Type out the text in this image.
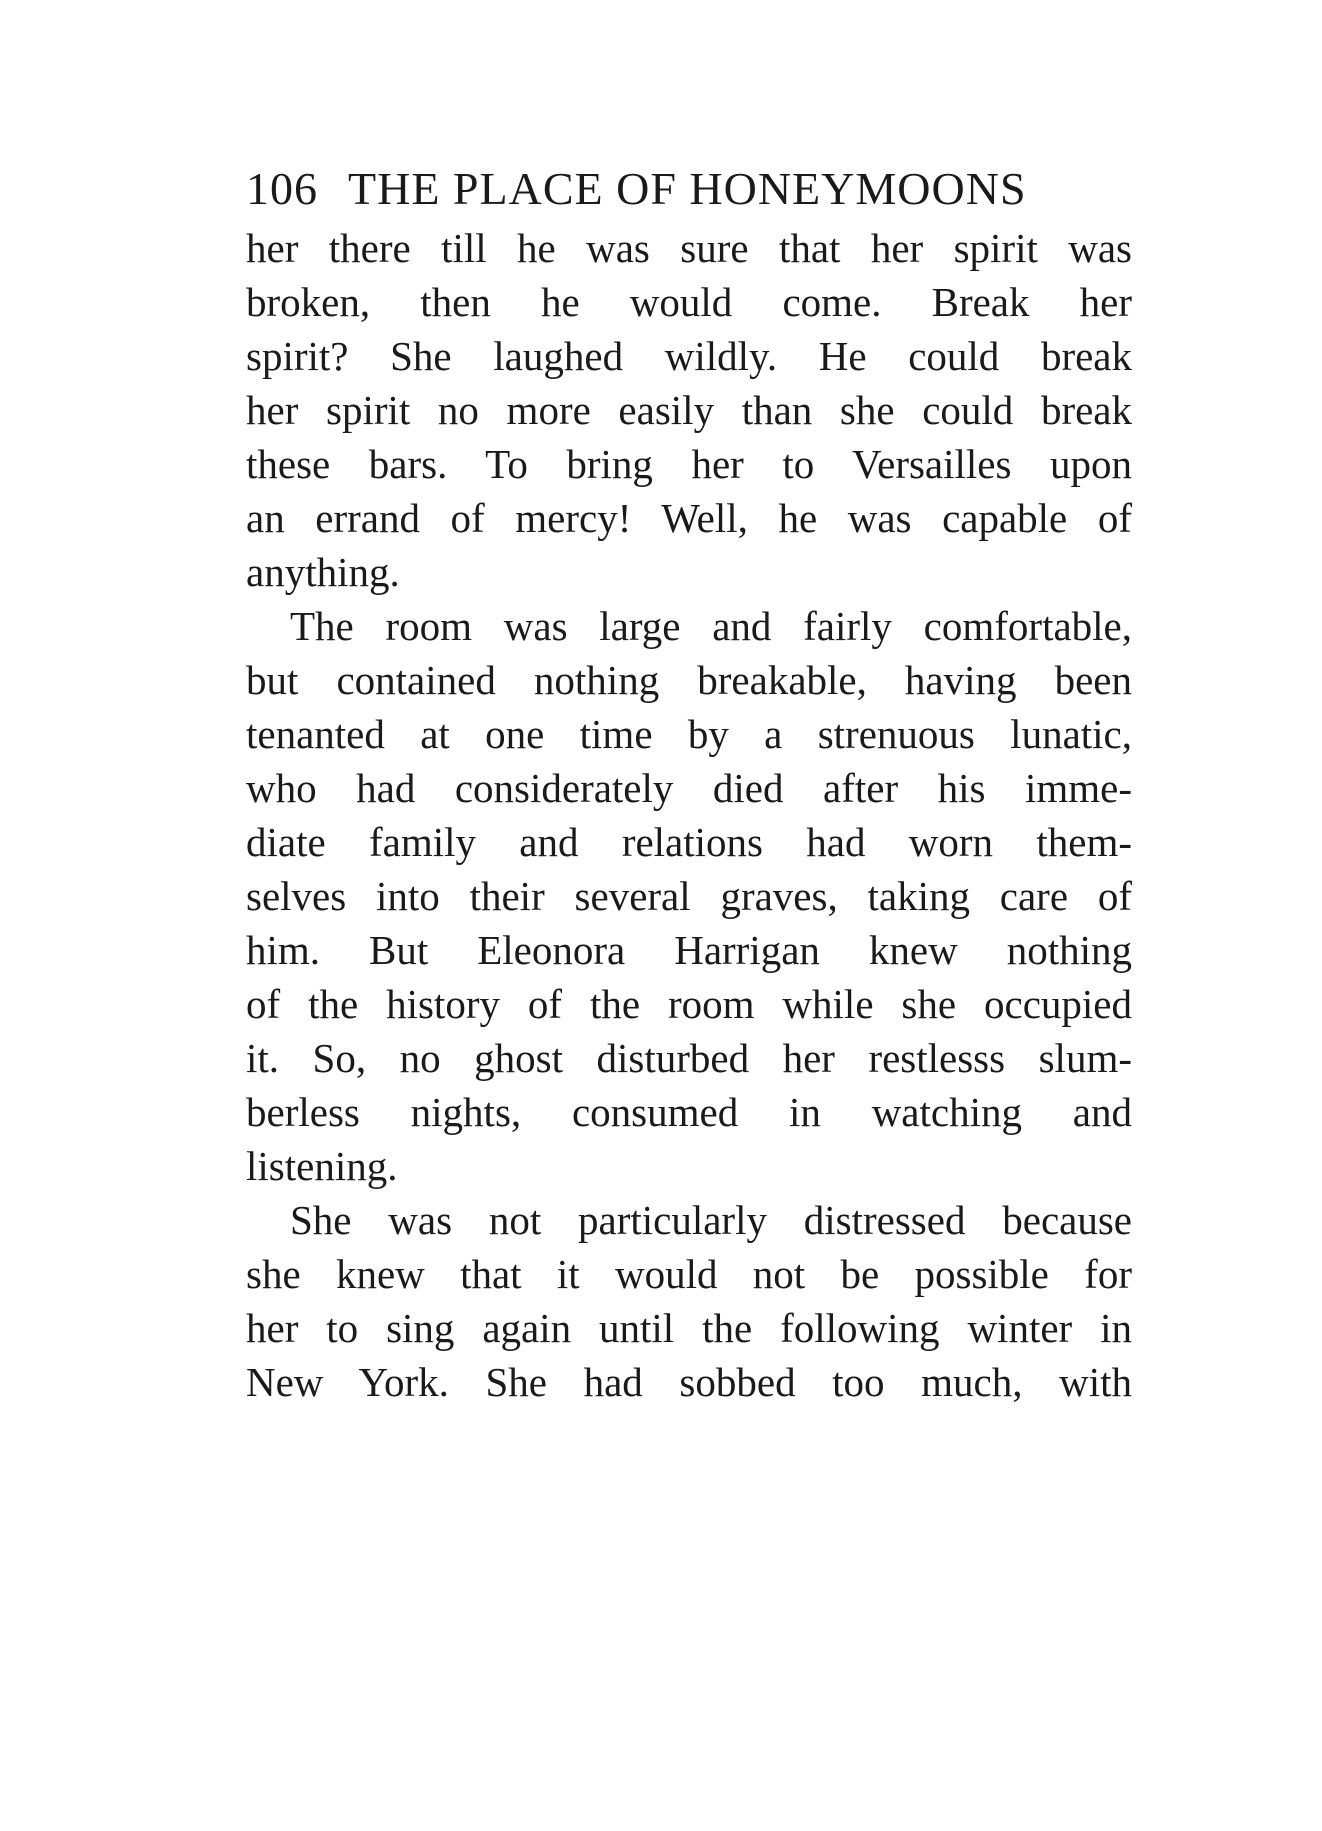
106 THE PLACE OF HONEYMOONS
her there till he was sure that her spirit was
broken, then he would come. Break her
spirit? She laughed wildly. He could break
her spirit no more easily than she could break
these bars. To bring her to Versailles upon
an errand of mercy! Well, he was capable of
anything.
The room was large and fairly comfortable,
but contained nothing breakable, having been
tenanted at one time by a strenuous lunatic,
who had considerately died after his imme-
diate family and relations had worn them-
selves into their several graves, taking care of
him. But Eleonora Harrigan knew nothing
of the history of the room while she occupied
it. So, no ghost disturbed her restlesss slum-
berless nights, consumed in watching and
listening.
She was not particularly distressed because
she knew that it would not be possible for
her to sing again until the following winter in
New York. She had sobbed too much, with
